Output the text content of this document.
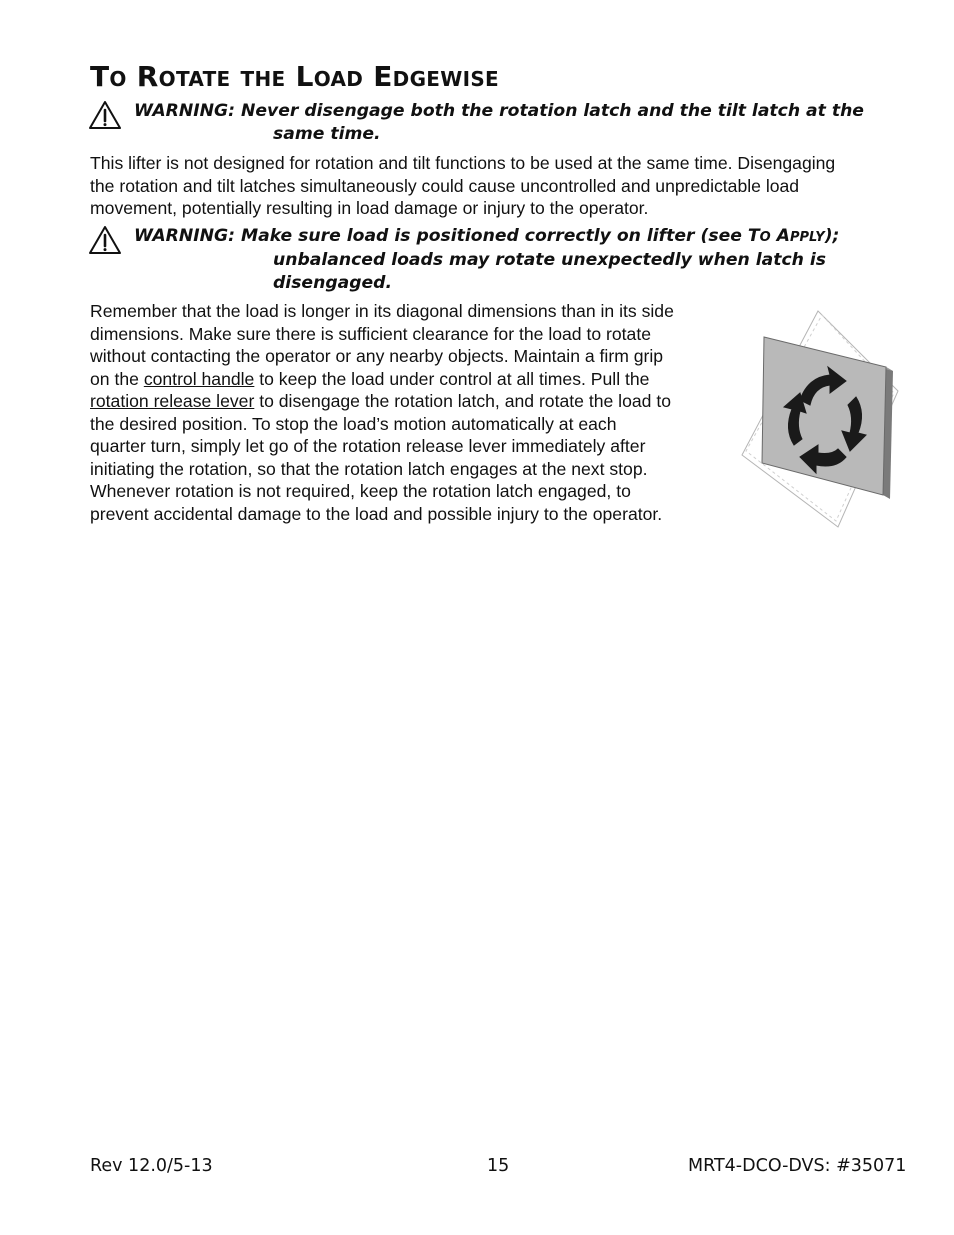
TO ROTATE THE LOAD EDGEWISE
WARNING: Never disengage both the rotation latch and the tilt latch at the
same time.
This lifter is not designed for rotation and tilt functions to be used at the same time. Disengaging
the rotation and tilt latches simultaneously could cause uncontrolled and unpredictable load
movement, potentially resulting in load damage or injury to the operator.
WARNING: Make sure load is positioned correctly on lifter (see TO APPLY);
unbalanced loads may rotate unexpectedly when latch is
disengaged.
Remember that the load is longer in its diagonal dimensions than in its side
dimensions. Make sure there is sufficient clearance for the load to rotate
without contacting the operator or any nearby objects. Maintain a firm grip
on the control handle to keep the load under control at all times. Pull the
rotation release lever to disengage the rotation latch, and rotate the load to
the desired position. To stop the load’s motion automatically at each
quarter turn, simply let go of the rotation release lever immediately after
initiating the rotation, so that the rotation latch engages at the next stop.
Whenever rotation is not required, keep the rotation latch engaged, to
prevent accidental damage to the load and possible injury to the operator.
Rev 12.0/5-13	15	MRT4-DCO-DVS: #35071
